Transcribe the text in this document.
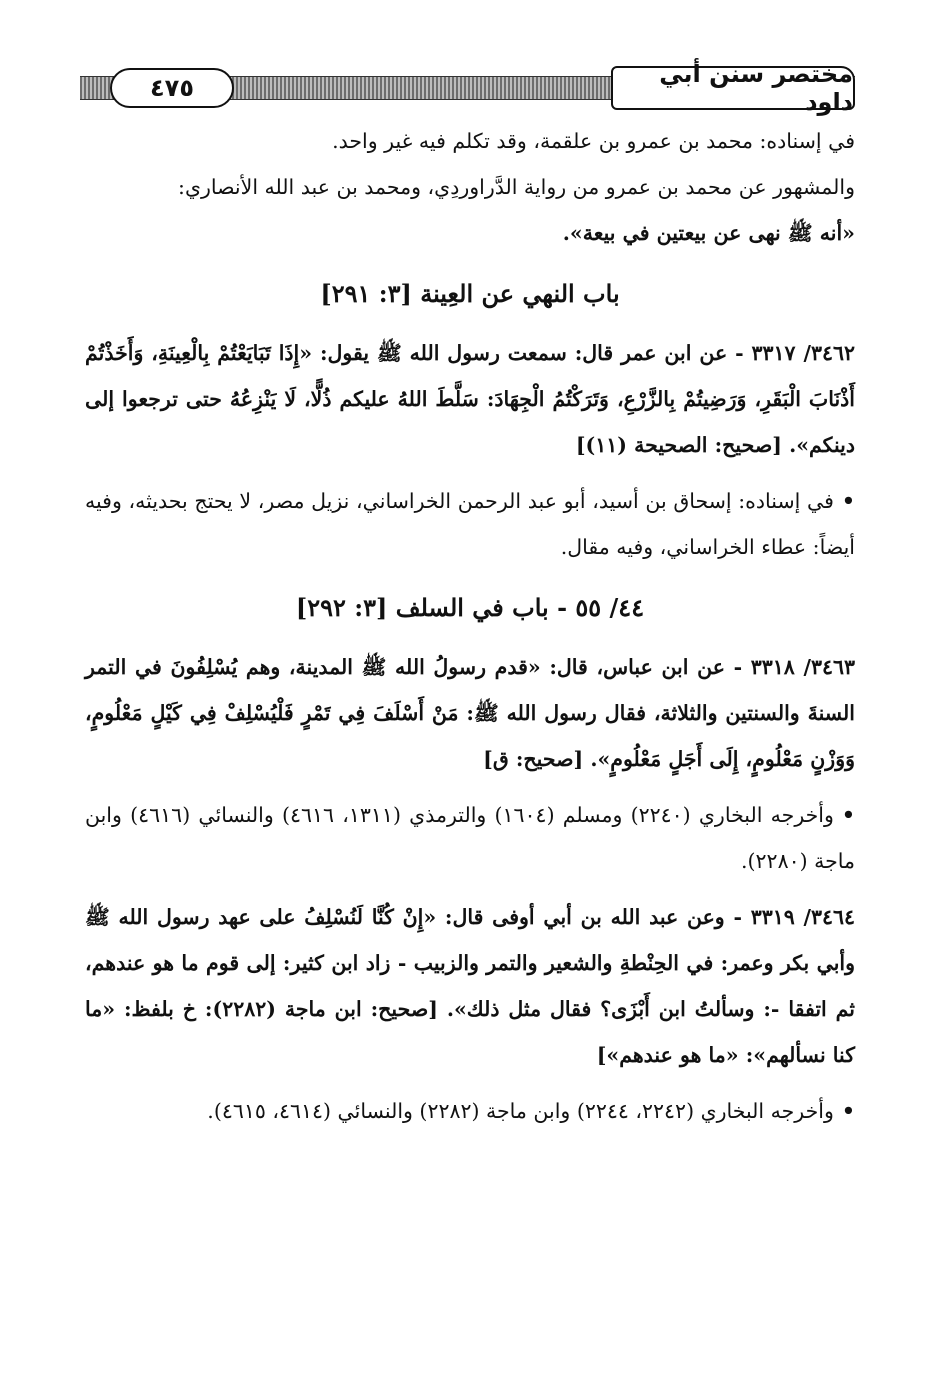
٤٧٥	مختصر سنن أبي داود

في إسناده: محمد بن عمرو بن علقمة، وقد تكلم فيه غير واحد.

والمشهور عن محمد بن عمرو من رواية الدَّراوردِي، ومحمد بن عبد الله الأنصاري:

«أنه ﷺ نهى عن بيعتين في بيعة».

باب النهي عن العِينة [٣: ٢٩١]

٣٤٦٢/ ٣٣١٧ - عن ابن عمر قال: سمعت رسول الله ﷺ يقول: «إِذَا تَبَايَعْتُمْ بِالْعِينَةِ، وَأَخَذْتُمْ أَذْنَابَ الْبَقَرِ، وَرَضِيتُمْ بِالزَّرْعِ، وَتَرَكْتُمُ الْجِهَادَ: سَلَّطَ اللهُ عليكم ذُلًّا، لَا يَنْزِعُهُ حتى ترجعوا إلى دينكم». [صحيح: الصحيحة (١١)]

•في إسناده: إسحاق بن أسيد، أبو عبد الرحمن الخراساني، نزيل مصر، لا يحتج بحديثه، وفيه أيضاً: عطاء الخراساني، وفيه مقال.

٤٤/ ٥٥ - باب في السلف [٣: ٢٩٢]

٣٤٦٣/ ٣٣١٨ - عن ابن عباس، قال: «قدم رسولُ الله ﷺ المدينة، وهم يُسْلِفُونَ في التمر السنةَ والسنتين والثلاثة، فقال رسول الله ﷺ: مَنْ أَسْلَفَ فِي تَمْرٍ فَلْيُسْلِفْ فِي كَيْلٍ مَعْلُومٍ، وَوَزْنٍ مَعْلُومٍ، إِلَى أَجَلٍ مَعْلُومٍ». [صحيح: ق]

•وأخرجه البخاري (٢٢٤٠) ومسلم (١٦٠٤) والترمذي (١٣١١، ٤٦١٦) والنسائي (٤٦١٦) وابن ماجة (٢٢٨٠).

٣٤٦٤/ ٣٣١٩ - وعن عبد الله بن أبي أوفى قال: «إِنْ كُنَّا لَنُسْلِفُ على عهد رسول الله ﷺ وأبي بكر وعمر: في الحِنْطةِ والشعير والتمر والزبيب - زاد ابن كثير: إلى قوم ما هو عندهم، ثم اتفقا -: وسألتُ ابن أَبْزَى؟ فقال مثل ذلك». [صحيح: ابن ماجة (٢٢٨٢): خ بلفظ: «ما كنا نسألهم»: «ما هو عندهم»]

•وأخرجه البخاري (٢٢٤٢، ٢٢٤٤) وابن ماجة (٢٢٨٢) والنسائي (٤٦١٤، ٤٦١٥).
